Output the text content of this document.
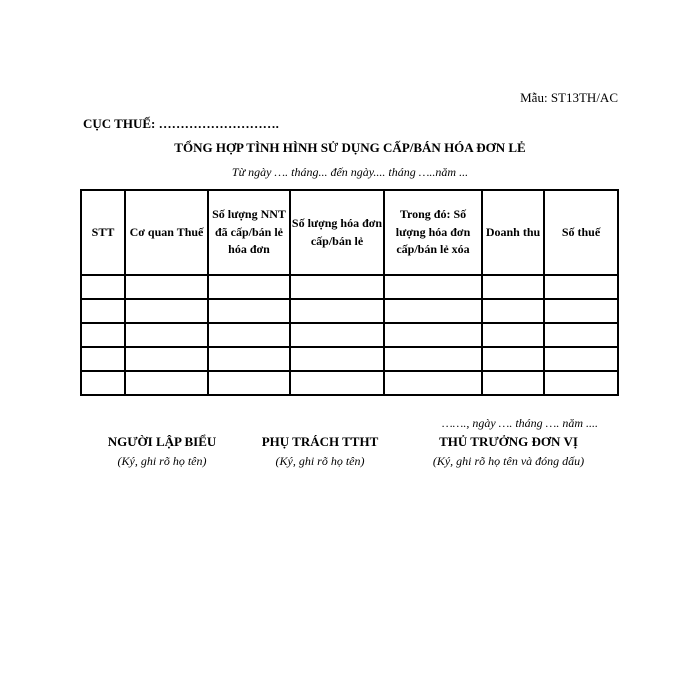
Mẫu: ST13TH/AC
CỤC THUẾ: ……………………….
TỔNG HỢP TÌNH HÌNH SỬ DỤNG CẤP/BÁN HÓA ĐƠN LẺ
Từ ngày …. tháng... đến ngày.... tháng …..năm ...
STT	Cơ quan Thuế	Số lượng NNT đã cấp/bán lẻ hóa đơn	Số lượng hóa đơn cấp/bán lẻ	Trong đó: Số lượng hóa đơn cấp/bán lẻ xóa	Doanh thu	Số thuế

……., ngày …. tháng …. năm ....
NGƯỜI LẬP BIỂU
(Ký, ghi rõ họ tên)
PHỤ TRÁCH TTHT
(Ký, ghi rõ họ tên)
THỦ TRƯỞNG ĐƠN VỊ
(Ký, ghi rõ họ tên và đóng dấu)
